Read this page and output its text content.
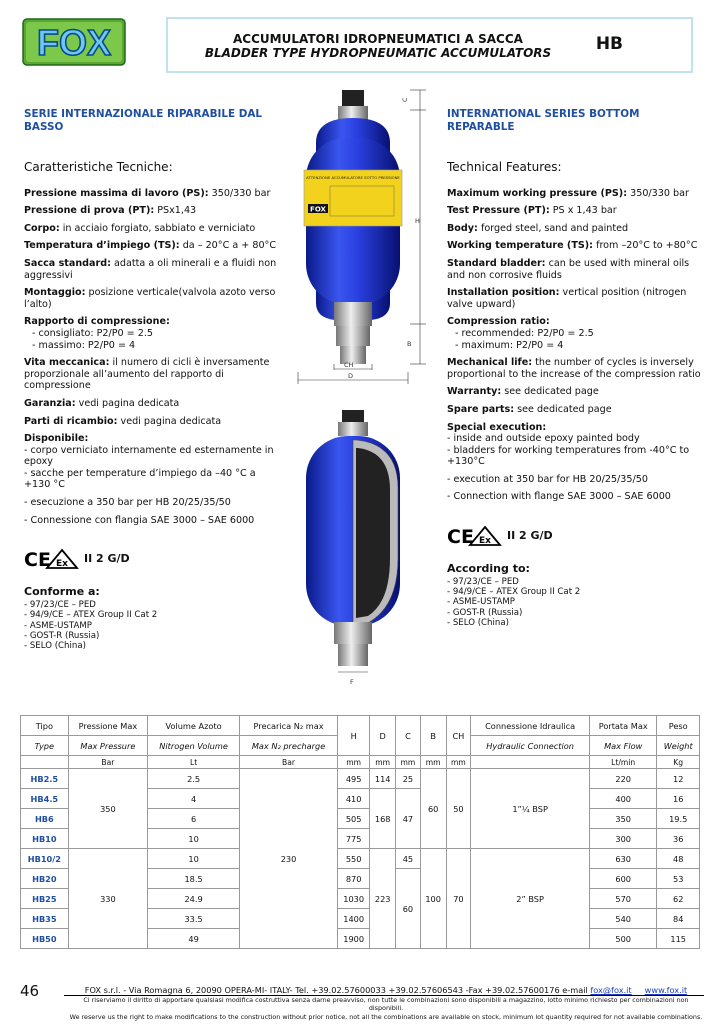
FOX	ACCUMULATORI IDROPNEUMATICI A SACCA
BLADDER TYPE HYDROPNEUMATIC ACCUMULATORS	HB
SERIE INTERNAZIONALE RIPARABILE DAL BASSO
Caratteristiche Tecniche:
Pressione massima di lavoro (PS): 350/330 bar
Pressione di prova (PT): PSx1,43
Corpo: in acciaio forgiato, sabbiato e verniciato
Temperatura d’impiego (TS): da – 20°C a + 80°C
Sacca standard: adatta a oli minerali e a fluidi non aggressivi
Montaggio: posizione verticale(valvola azoto verso l’alto)
Rapporto di compressione:
- consigliato: P2/P0 = 2.5
- massimo: P2/P0 = 4
Vita meccanica: il numero di cicli è inversamente proporzionale all’aumento del rapporto di compressione
Garanzia: vedi pagina dedicata
Parti di ricambio: vedi pagina dedicata
Disponibile:
- corpo verniciato internamente ed esternamente in epoxy
- sacche per temperature d’impiego da –40 °C a +130 °C
- esecuzione a 350 bar per HB 20/25/35/50
- Connessione con flangia SAE 3000 – SAE 6000
CE Ex II 2 G/D
Conforme a:
- 97/23/CE – PED
- 94/9/CE – ATEX Group II Cat 2
- ASME-USTAMP
- GOST-R (Russia)
- SELO (China)
INTERNATIONAL SERIES BOTTOM REPARABLE
Technical Features:
Maximum working pressure (PS): 350/330 bar
Test Pressure (PT): PS x 1,43 bar
Body: forged steel, sand and painted
Working temperature (TS): from –20°C to +80°C
Standard bladder: can be used with mineral oils and non corrosive fluids
Installation position: vertical position (nitrogen valve upward)
Compression ratio:
- recommended: P2/P0 = 2.5
- maximum: P2/P0 = 4
Mechanical life: the number of cycles is inversely proportional to the increase of the compression ratio
Warranty: see dedicated page
Spare parts: see dedicated page
Special execution:
- inside and outside epoxy painted body
- bladders for working temperatures from -40°C to +130°C
- execution at 350 bar for HB 20/25/35/50
- Connection with flange SAE 3000 – SAE 6000
CE Ex II 2 G/D
According to:
- 97/23/CE – PED
- 94/9/CE – ATEX Group II Cat 2
- ASME-USTAMP
- GOST-R (Russia)
- SELO (China)
ATTENZIONE ACCUMULATORE SOTTO PRESSIONE
FOX
C
H
B
CH
D
F
Tipo	Pressione Max	Volume Azoto	Precarica N₂ max	H	D	C	B	CH	Connessione Idraulica	Portata Max	Peso
Type	Max Pressure	Nitrogen Volume	Max N₂ precharge						Hydraulic Connection	Max Flow	Weight
	Bar	Lt	Bar	mm	mm	mm	mm	mm		Lt/min	Kg
HB2.5	350	2.5	230	495	114	25	60	50	1”¼ BSP	220	12
HB4.5		4		410	168	47				400	16
HB6		6		505						350	19.5
HB10		10		775						300	36
HB10/2	330	10		550	223	45	100	70	2” BSP	630	48
HB20		18.5		870		60				600	53
HB25		24.9		1030						570	62
HB35		33.5		1400						540	84
HB50		49		1900						500	115
46	FOX s.r.l. - Via Romagna 6, 20090 OPERA-MI- ITALY- Tel. +39.02.57600033 +39.02.57606543 -Fax +39.02.57600176 e-mail fox@fox.it www.fox.it
Ci riserviamo il diritto di apportare qualsiasi modifica costruttiva senza darne preavviso, non tutte le combinazioni sono disponibili a magazzino, lotto minimo richiesto per combinazioni non disponibili.
We reserve us the right to make modifications to the construction without prior notice, not all the combinations are available on stock, minimum lot quantity required for not available combinations.
